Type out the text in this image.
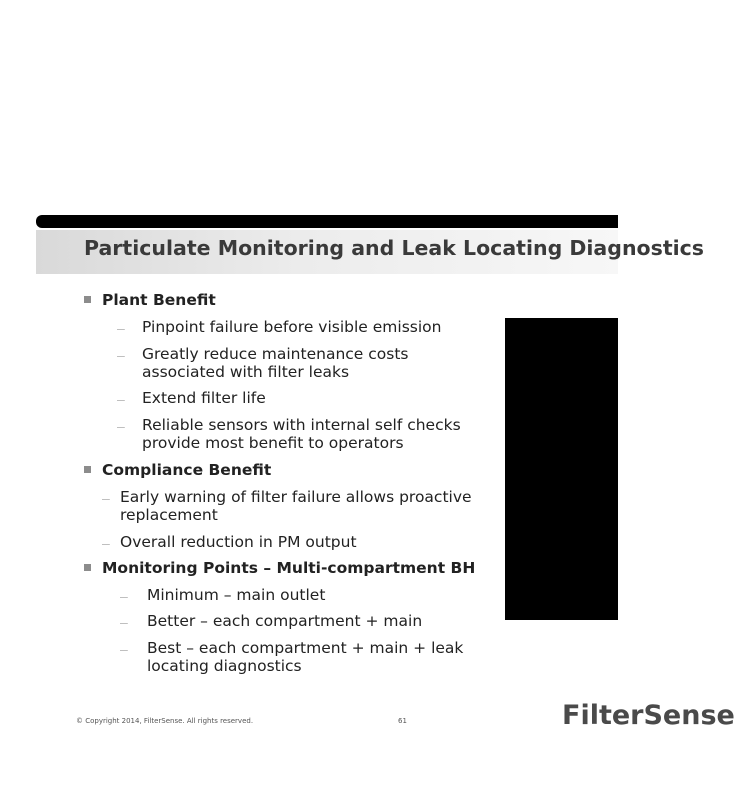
Particulate Monitoring and Leak Locating Diagnostics
Plant Benefit
– Pinpoint failure before visible emission
– Greatly reduce maintenance costs associated with filter leaks
– Extend filter life
– Reliable sensors with internal self checks provide most benefit to operators
Compliance Benefit
– Early warning of filter failure allows proactive replacement
– Overall reduction in PM output
Monitoring Points – Multi-compartment BH
– Minimum – main outlet
– Better – each compartment + main
– Best – each compartment + main + leak locating diagnostics
© Copyright 2014, FilterSense. All rights reserved.	61	FilterSense
